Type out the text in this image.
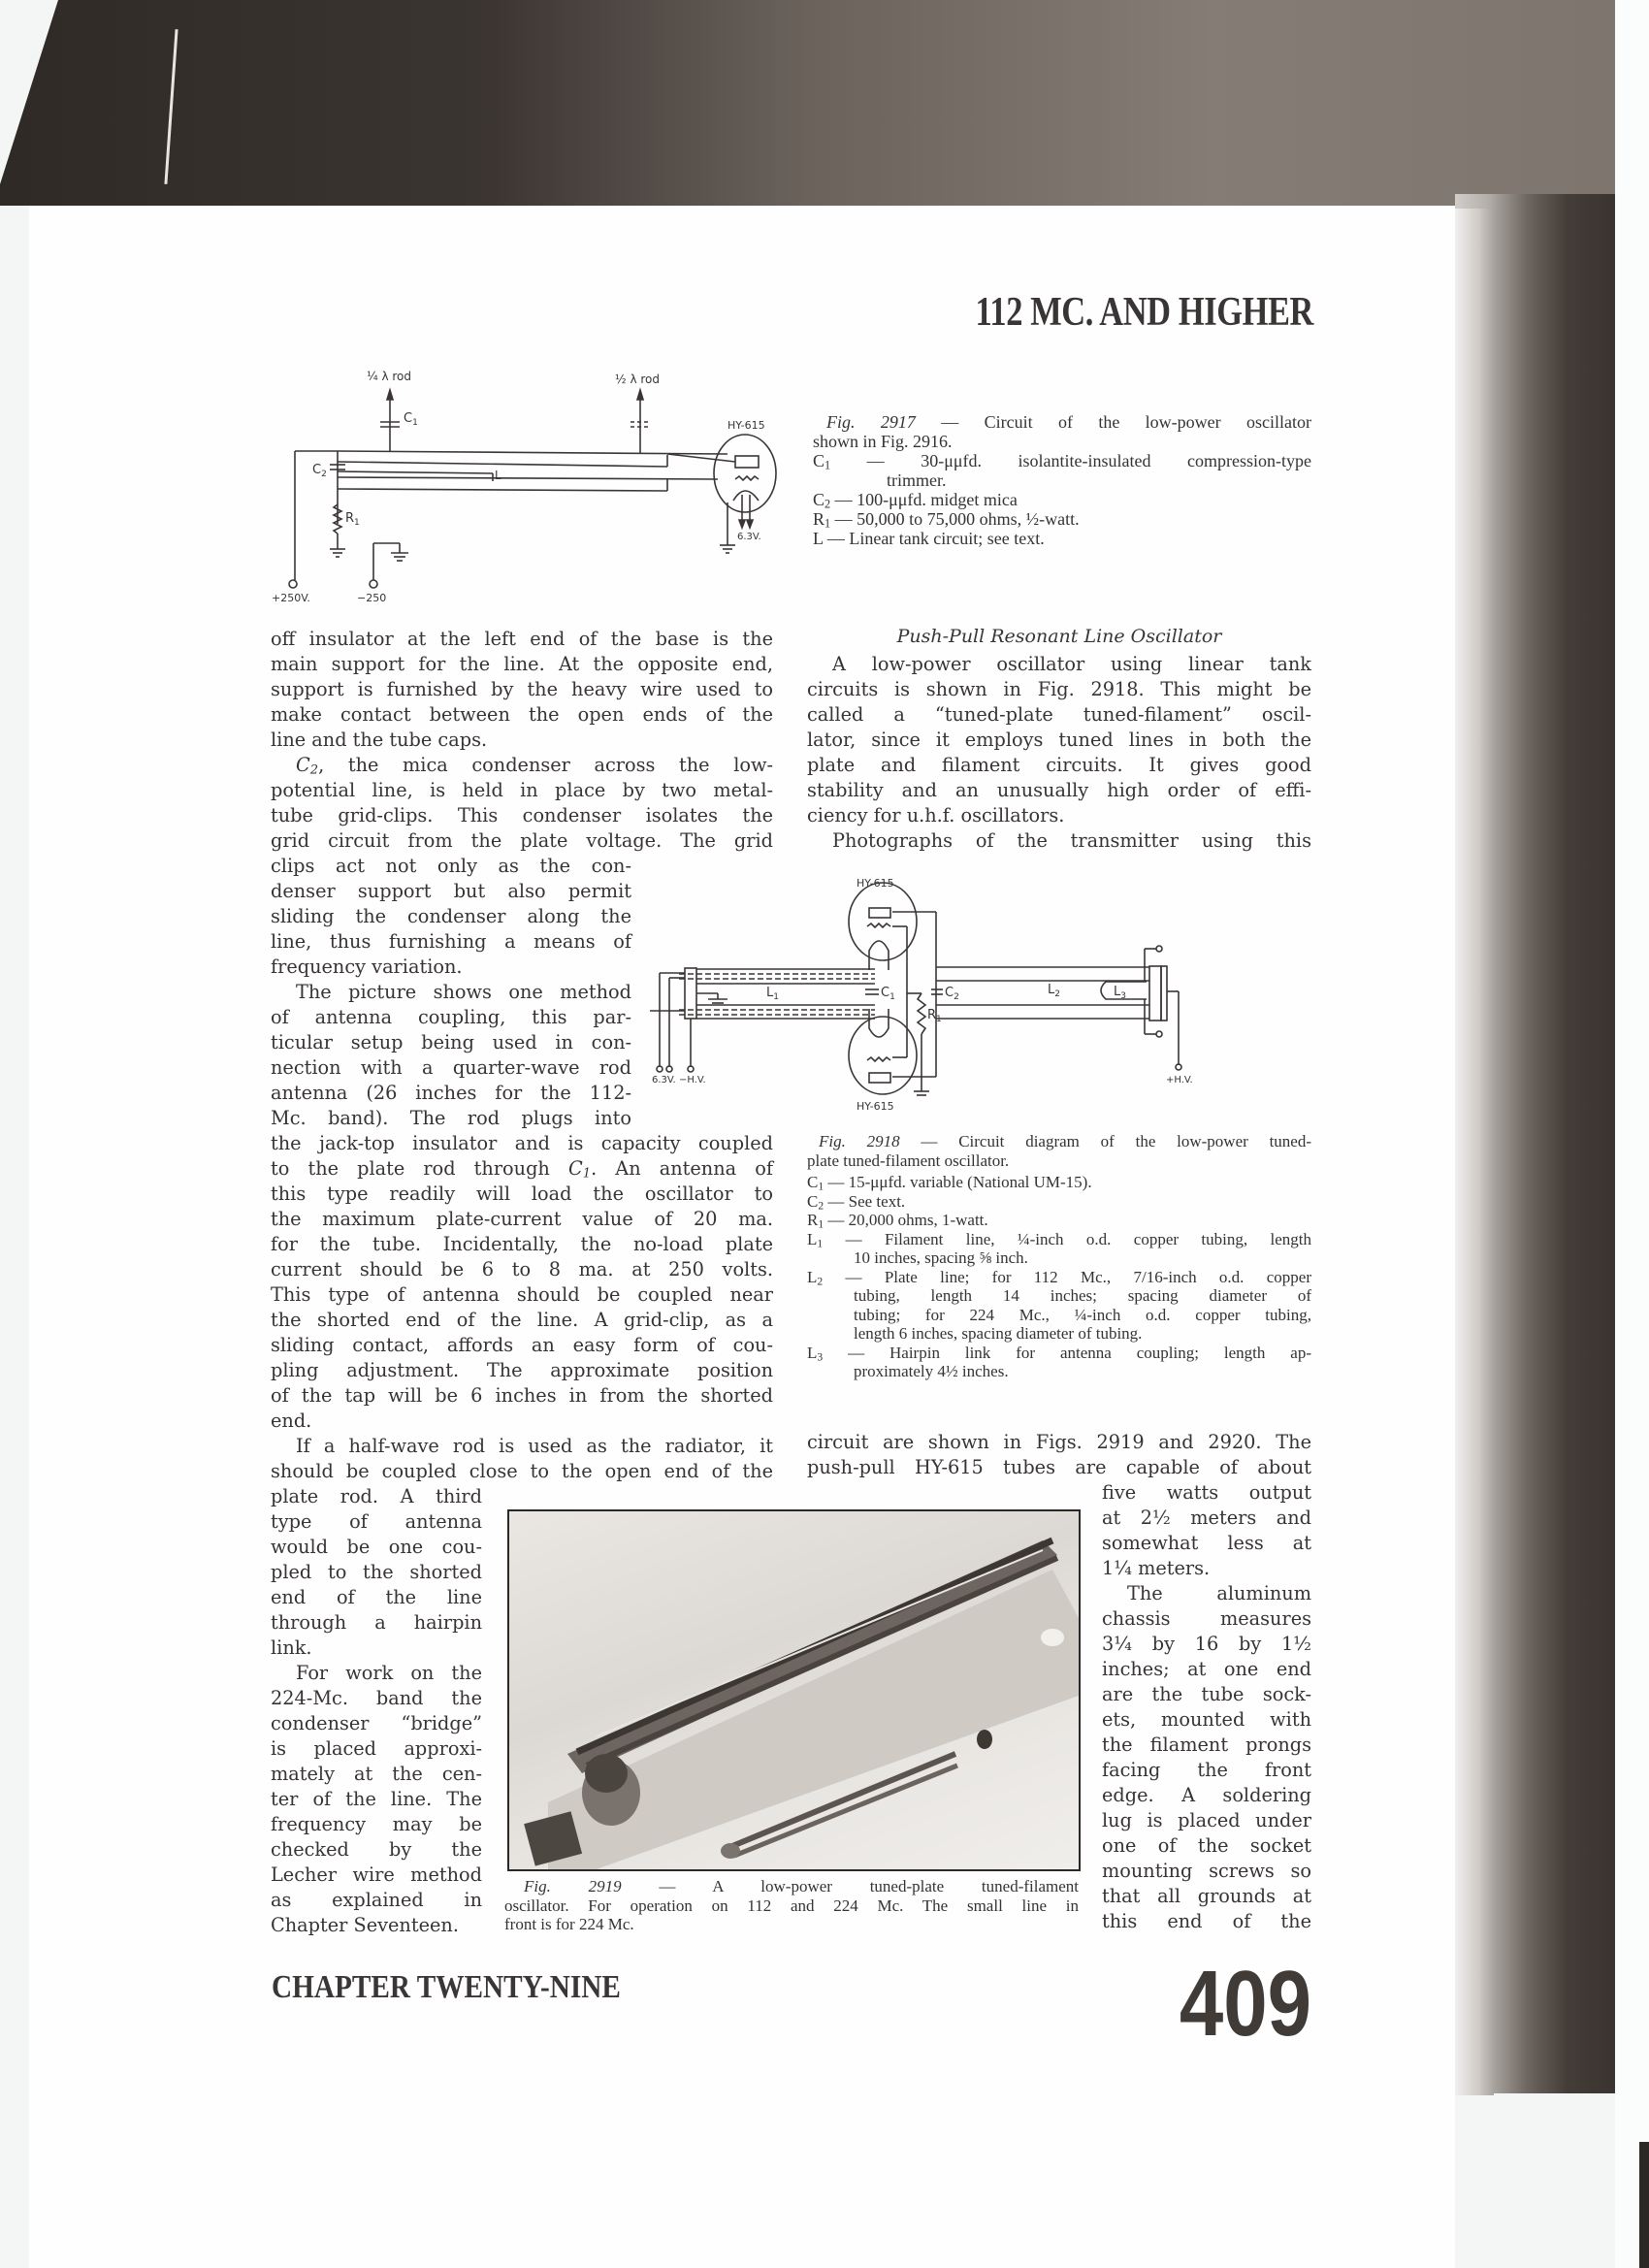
112 MC. AND HIGHER
¼ λ rod	½ λ rod
$C_1$
$C_2$
$R_1$
L
HY-615
6.3V.
+250V.	−250
Fig. 2917 — Circuit of the low-power oscillator
shown in Fig. 2916.
$C_1$ — 30-μμfd. isolantite-insulated compression-type
trimmer.
$C_2$ — 100-μμfd. midget mica
$R_1$ — 50,000 to 75,000 ohms, ½-watt.
L — Linear tank circuit; see text.
off insulator at the left end of the base is the
main support for the line. At the opposite end,
support is furnished by the heavy wire used to
make contact between the open ends of the
line and the tube caps.
$C_2$, the mica condenser across the low-
potential line, is held in place by two metal-
tube grid-clips. This condenser isolates the
grid circuit from the plate voltage. The grid
clips act not only as the con-
denser support but also permit
sliding the condenser along the
line, thus furnishing a means of
frequency variation.
The picture shows one method
of antenna coupling, this par-
ticular setup being used in con-
nection with a quarter-wave rod
antenna (26 inches for the 112-
Mc. band). The rod plugs into
the jack-top insulator and is capacity coupled
to the plate rod through $C_1$. An antenna of
this type readily will load the oscillator to
the maximum plate-current value of 20 ma.
for the tube. Incidentally, the no-load plate
current should be 6 to 8 ma. at 250 volts.
This type of antenna should be coupled near
the shorted end of the line. A grid-clip, as a
sliding contact, affords an easy form of cou-
pling adjustment. The approximate position
of the tap will be 6 inches in from the shorted
end.
If a half-wave rod is used as the radiator, it
should be coupled close to the open end of the
plate rod. A third
type of antenna
would be one cou-
pled to the shorted
end of the line
through a hairpin
link.
For work on the
224-Mc. band the
condenser “bridge”
is placed approxi-
mately at the cen-
ter of the line. The
frequency may be
checked by the
Lecher wire method
as explained in
Chapter Seventeen.
Push-Pull Resonant Line Oscillator
A low-power oscillator using linear tank
circuits is shown in Fig. 2918. This might be
called a “tuned-plate tuned-filament” oscil-
lator, since it employs tuned lines in both the
plate and filament circuits. It gives good
stability and an unusually high order of effi-
ciency for u.h.f. oscillators.
Photographs of the transmitter using this
HY-615
HY-615
$L_1$	$C_1$	$C_2$
$R_1$
$L_2$	$L_3$
6.3V. −H.V.	+H.V.
Fig. 2918 — Circuit diagram of the low-power tuned-
plate tuned-filament oscillator.
$C_1$ — 15-μμfd. variable (National UM-15).
$C_2$ — See text.
$R_1$ — 20,000 ohms, 1-watt.
$L_1$ — Filament line, ¼-inch o.d. copper tubing, length
10 inches, spacing ⅝ inch.
$L_2$ — Plate line; for 112 Mc., 7/16-inch o.d. copper
tubing, length 14 inches; spacing diameter of
tubing; for 224 Mc., ¼-inch o.d. copper tubing,
length 6 inches, spacing diameter of tubing.
$L_3$ — Hairpin link for antenna coupling; length ap-
proximately 4½ inches.
circuit are shown in Figs. 2919 and 2920. The
push-pull HY-615 tubes are capable of about
five watts output
at 2½ meters and
somewhat less at
1¼ meters.
The aluminum
chassis measures
3¼ by 16 by 1½
inches; at one end
are the tube sock-
ets, mounted with
the filament prongs
facing the front
edge. A soldering
lug is placed under
one of the socket
mounting screws so
that all grounds at
this end of the
Fig. 2919 — A low-power tuned-plate tuned-filament
oscillator. For operation on 112 and 224 Mc. The small line in
front is for 224 Mc.
CHAPTER TWENTY-NINE	409
